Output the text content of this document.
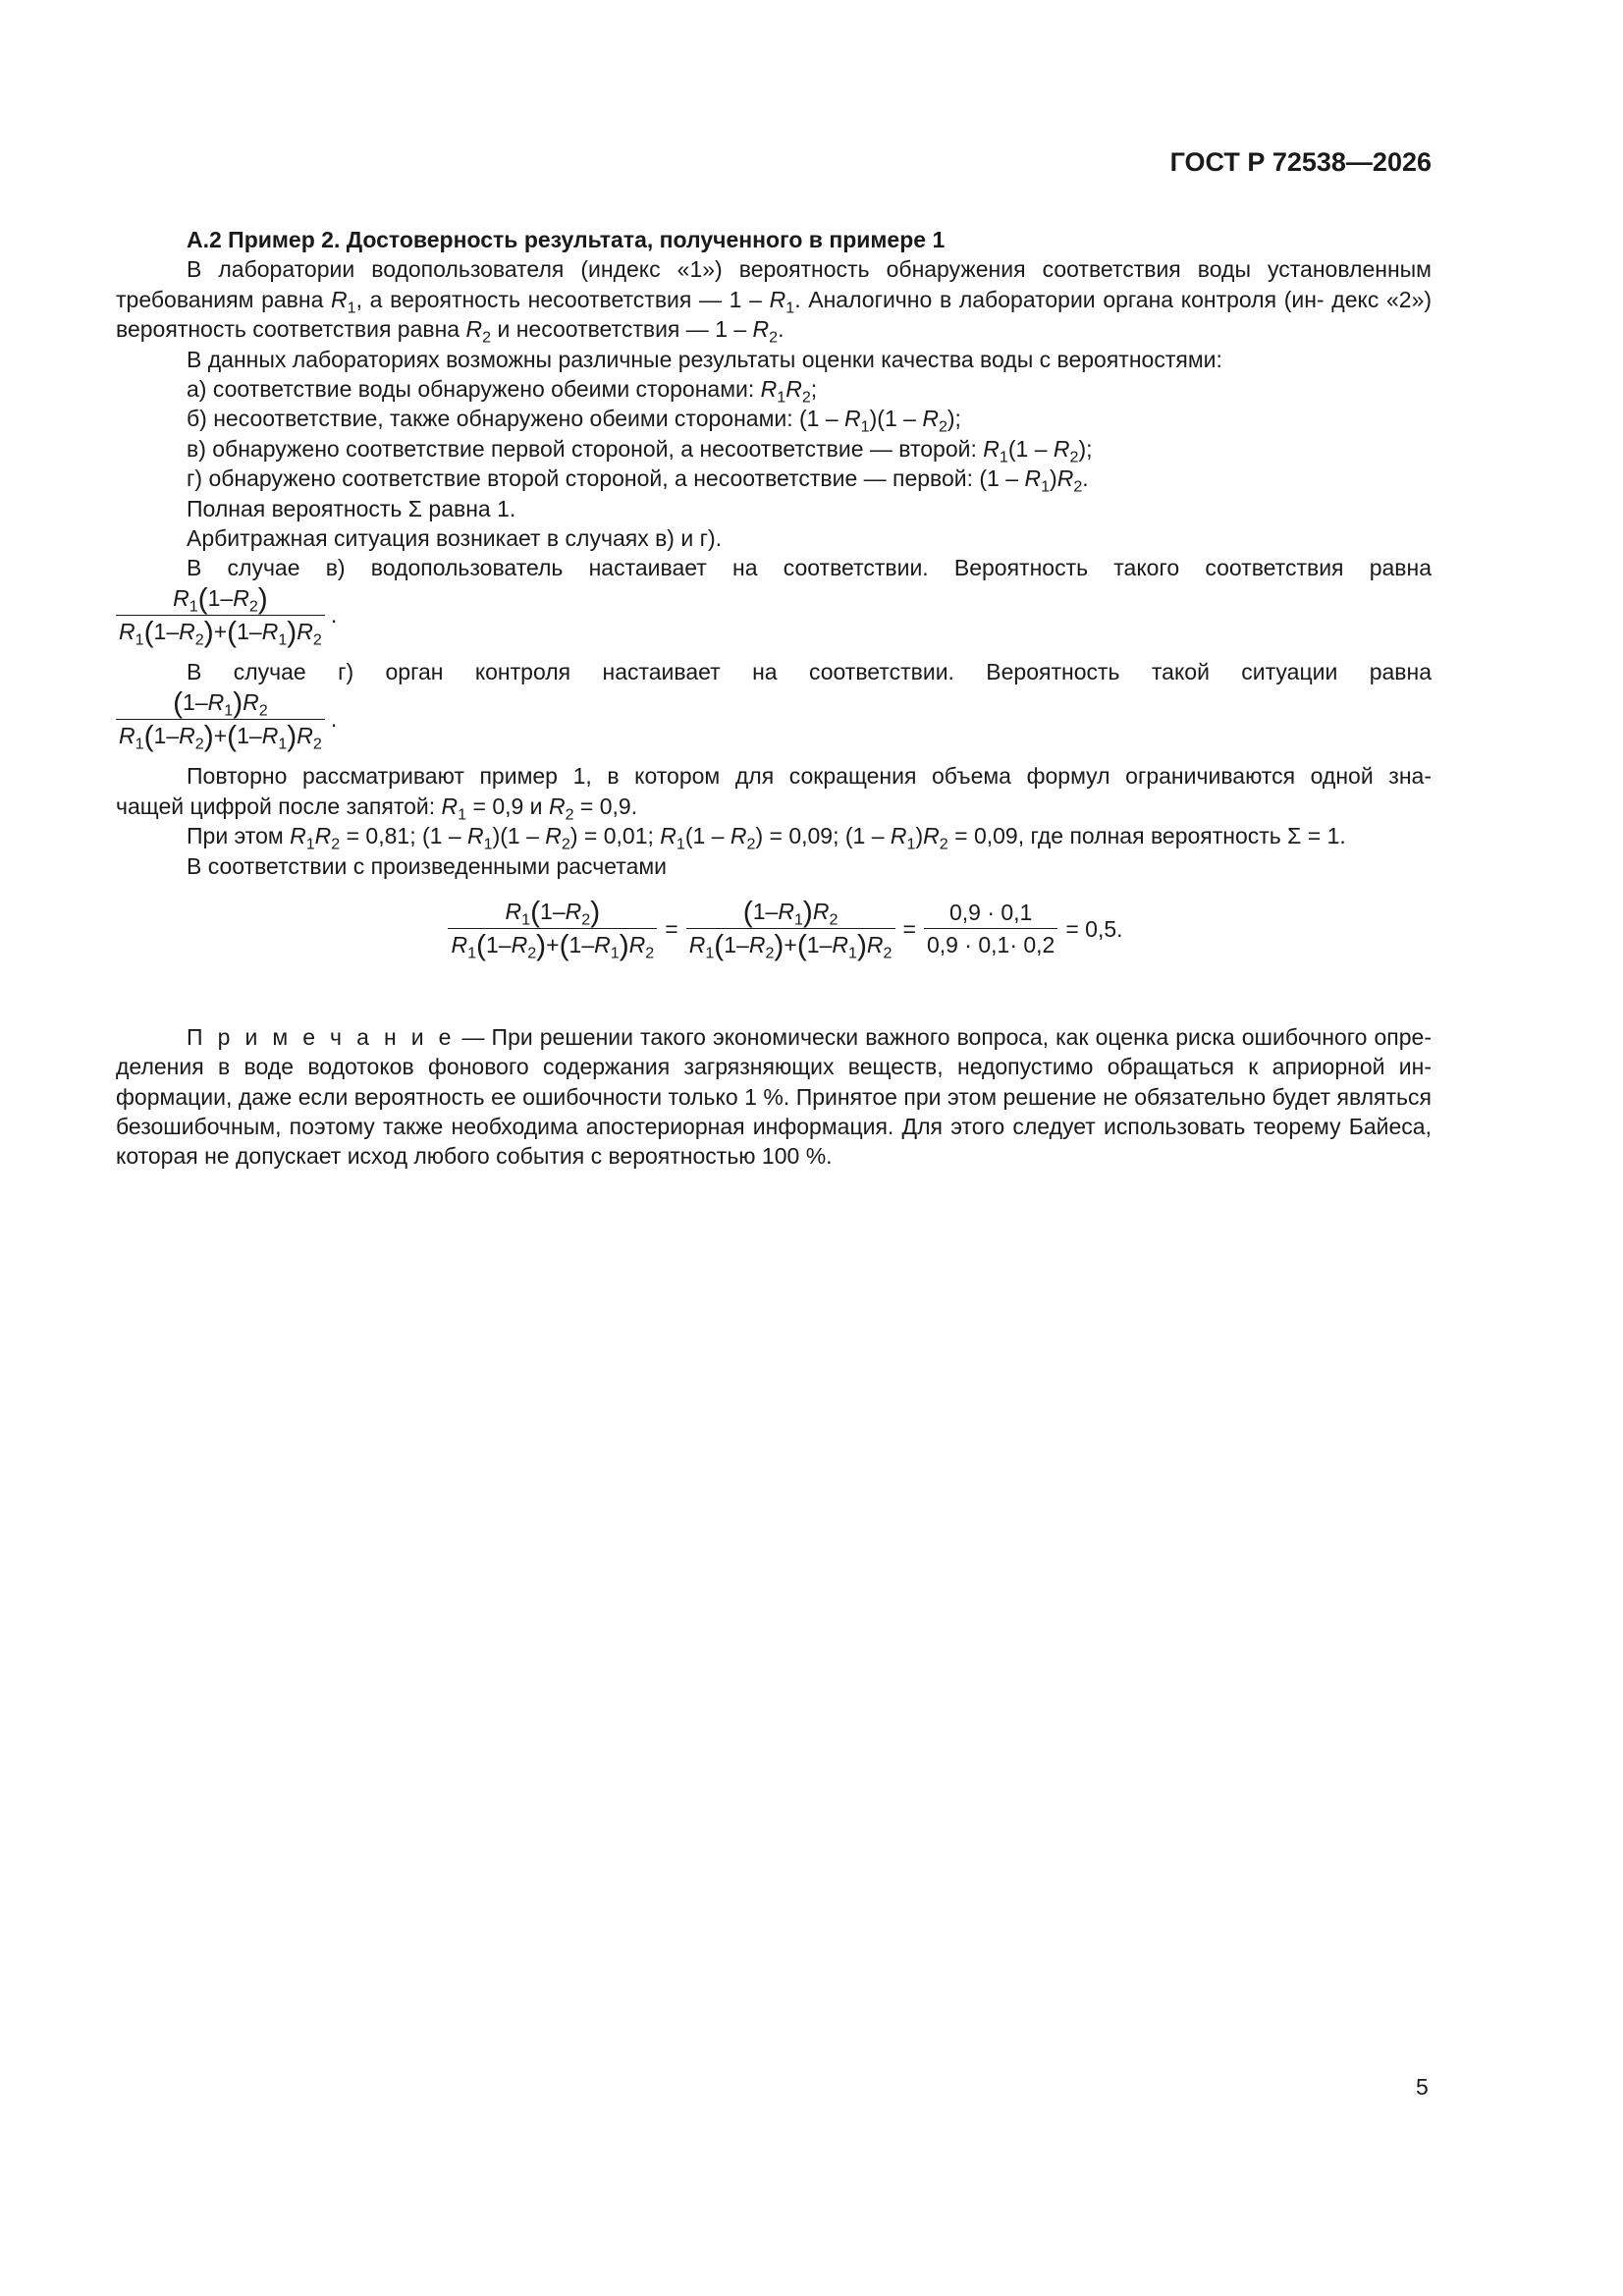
ГОСТ Р 72538—2026
А.2 Пример 2. Достоверность результата, полученного в примере 1

В лаборатории водопользователя (индекс «1») вероятность обнаружения соответствия воды установленным требованиям равна $R_1$, а вероятность несоответствия — $1 - R_1$. Аналогично в лаборатории органа контроля (ин- декс «2») вероятность соответствия равна $R_2$ и несоответствия — $1 - R_2$.

В данных лабораториях возможны различные результаты оценки качества воды с вероятностями:

а) соответствие воды обнаружено обеими сторонами: $R_1R_2$;

б) несоответствие, также обнаружено обеими сторонами: $(1 - R_1)(1 - R_2)$;

в) обнаружено соответствие первой стороной, а несоответствие — второй: $R_1(1 - R_2)$;

г) обнаружено соответствие второй стороной, а несоответствие — первой: $(1 - R_1)R_2$.

Полная вероятность Σ равна 1.

Арбитражная ситуация возникает в случаях в) и г).

В случае в) водопользователь настаивает на соответствии. Вероятность такого соответствия равна

$\frac{R_1(1-R_2)}{R_1(1-R_2)+(1-R_1)R_2}$ .

В случае г) орган контроля настаивает на соответствии. Вероятность такой ситуации равна

$\frac{(1-R_1)R_2}{R_1(1-R_2)+(1-R_1)R_2}$ .

Повторно рассматривают пример 1, в котором для сокращения объема формул ограничиваются одной зна-

чащей цифрой после запятой: $R_1 = 0,9$ и $R_2 = 0,9$.

При этом $R_1R_2 = 0,81$; $(1 - R_1)(1 - R_2) = 0,01$; $R_1(1 - R_2) = 0,09$; $(1 - R_1)R_2 = 0,09$, где полная вероятность Σ = 1.

В соответствии с произведенными расчетами

$\frac{R_1(1-R_2)}{R_1(1-R_2)+(1-R_1)R_2} = \frac{(1-R_1)R_2}{R_1(1-R_2)+(1-R_1)R_2} = \frac{0,9 \cdot 0,1}{0,9 \cdot 0,1\cdot 0,2} = 0,5$.

П р и м е ч а н и е — При решении такого экономически важного вопроса, как оценка риска ошибочного опре-деления в воде водотоков фонового содержания загрязняющих веществ, недопустимо обращаться к априорной ин-формации, даже если вероятность ее ошибочности только 1 %. Принятое при этом решение не обязательно будет являться безошибочным, поэтому также необходима апостериорная информация. Для этого следует использовать теорему Байеса, которая не допускает исход любого события с вероятностью 100 %.

5
